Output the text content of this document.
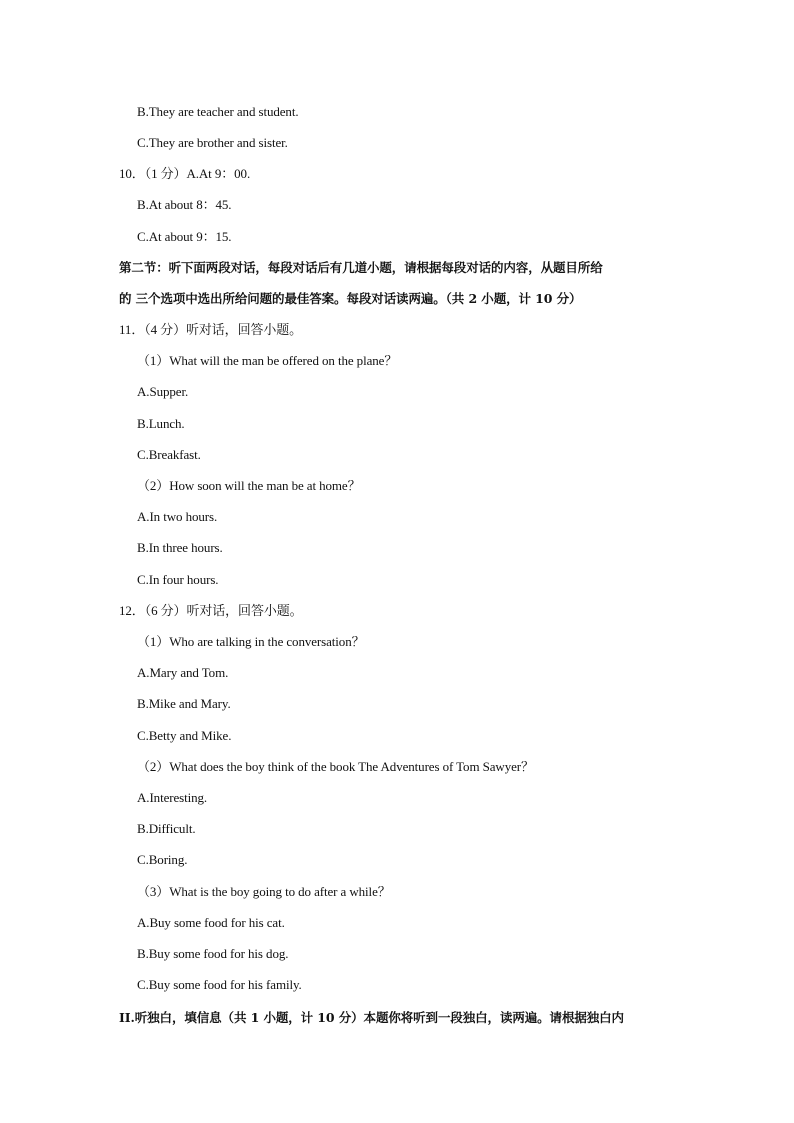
B.They are teacher and student.
C.They are brother and sister.
10．（1 分）A.At 9：00.
B.At about 8：45.
C.At about 9：15.
第二节：听下面两段对话，每段对话后有几道小题，请根据每段对话的内容，从题目所给
的 三个选项中选出所给问题的最佳答案。每段对话读两遍。（共 2 小题，计 10 分）
11．（4 分）听对话，回答小题。
（1）What will the man be offered on the plane？
A.Supper.
B.Lunch.
C.Breakfast.
（2）How soon will the man be at home？
A.In two hours.
B.In three hours.
C.In four hours.
12．（6 分）听对话，回答小题。
（1）Who are talking in the conversation？
A.Mary and Tom.
B.Mike and Mary.
C.Betty and Mike.
（2）What does the boy think of the book The Adventures of Tom Sawyer？
A.Interesting.
B.Difficult.
C.Boring.
（3）What is the boy going to do after a while？
A.Buy some food for his cat.
B.Buy some food for his dog.
C.Buy some food for his family.
II.听独白，填信息（共 1 小题，计 10 分）本题你将听到一段独白，读两遍。请根据独白内
